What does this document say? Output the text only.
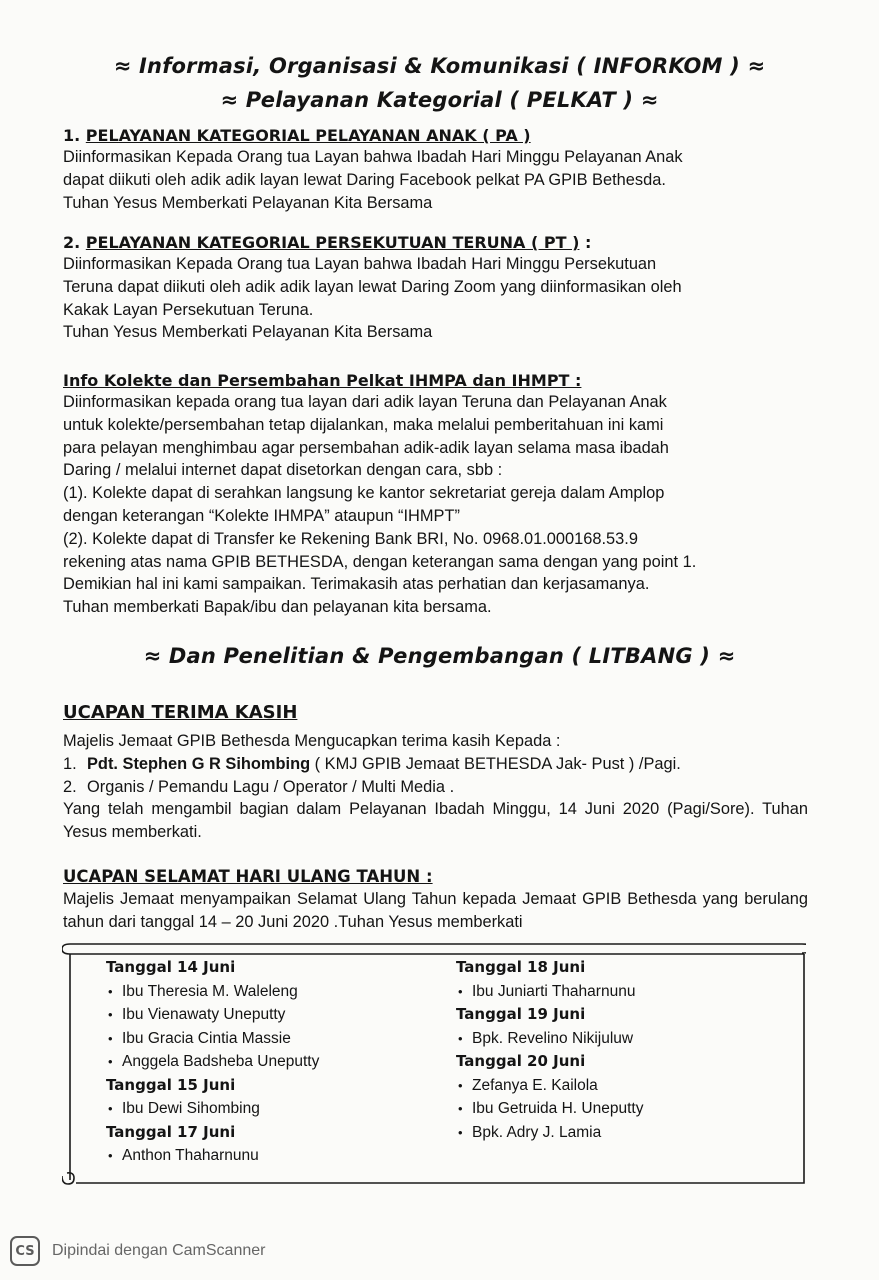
≈ Informasi, Organisasi & Komunikasi ( INFORKOM ) ≈
≈ Pelayanan Kategorial ( PELKAT ) ≈
1. PELAYANAN KATEGORIAL PELAYANAN ANAK ( PA )
Diinformasikan Kepada Orang tua Layan bahwa Ibadah Hari Minggu Pelayanan Anak
dapat diikuti oleh adik adik layan lewat Daring Facebook pelkat PA GPIB Bethesda.
Tuhan Yesus Memberkati Pelayanan Kita Bersama
2. PELAYANAN KATEGORIAL PERSEKUTUAN TERUNA ( PT ) :
Diinformasikan Kepada Orang tua Layan bahwa Ibadah Hari Minggu Persekutuan
Teruna dapat diikuti oleh adik adik layan lewat Daring Zoom yang diinformasikan oleh
Kakak Layan Persekutuan Teruna.
Tuhan Yesus Memberkati Pelayanan Kita Bersama
Info Kolekte dan Persembahan Pelkat IHMPA dan IHMPT :
Diinformasikan kepada orang tua layan dari adik layan Teruna dan Pelayanan Anak
untuk kolekte/persembahan tetap dijalankan, maka melalui pemberitahuan ini kami
para pelayan menghimbau agar persembahan adik-adik layan selama masa ibadah
Daring / melalui internet dapat disetorkan dengan cara, sbb :
(1). Kolekte dapat di serahkan langsung ke kantor sekretariat gereja dalam Amplop
dengan keterangan “Kolekte IHMPA” ataupun “IHMPT”
(2). Kolekte dapat di Transfer ke Rekening Bank BRI, No. 0968.01.000168.53.9
rekening atas nama GPIB BETHESDA, dengan keterangan sama dengan yang point 1.
Demikian hal ini kami sampaikan. Terimakasih atas perhatian dan kerjasamanya.
Tuhan memberkati Bapak/ibu dan pelayanan kita bersama.
≈ Dan Penelitian & Pengembangan ( LITBANG ) ≈
UCAPAN TERIMA KASIH
Majelis Jemaat GPIB Bethesda Mengucapkan terima kasih Kepada :
1. Pdt. Stephen G R Sihombing ( KMJ GPIB Jemaat BETHESDA Jak- Pust ) /Pagi.
2. Organis / Pemandu Lagu / Operator / Multi Media .
Yang telah mengambil bagian dalam Pelayanan Ibadah Minggu, 14 Juni 2020 (Pagi/Sore). Tuhan Yesus memberkati.
UCAPAN SELAMAT HARI ULANG TAHUN :
Majelis Jemaat menyampaikan Selamat Ulang Tahun kepada Jemaat GPIB Bethesda yang berulang tahun dari tanggal 14 – 20 Juni 2020 .Tuhan Yesus memberkati
Tanggal 14 Juni
• Ibu Theresia M. Waleleng
• Ibu Vienawaty Uneputty
• Ibu Gracia Cintia Massie
• Anggela Badsheba Uneputty
Tanggal 15 Juni
• Ibu Dewi Sihombing
Tanggal 17 Juni
• Anthon Thaharnunu
Tanggal 18 Juni
• Ibu Juniarti Thaharnunu
Tanggal 19 Juni
• Bpk. Revelino Nikijuluw
Tanggal 20 Juni
• Zefanya E. Kailola
• Ibu Getruida H. Uneputty
• Bpk. Adry J. Lamia
CS	Dipindai dengan CamScanner
